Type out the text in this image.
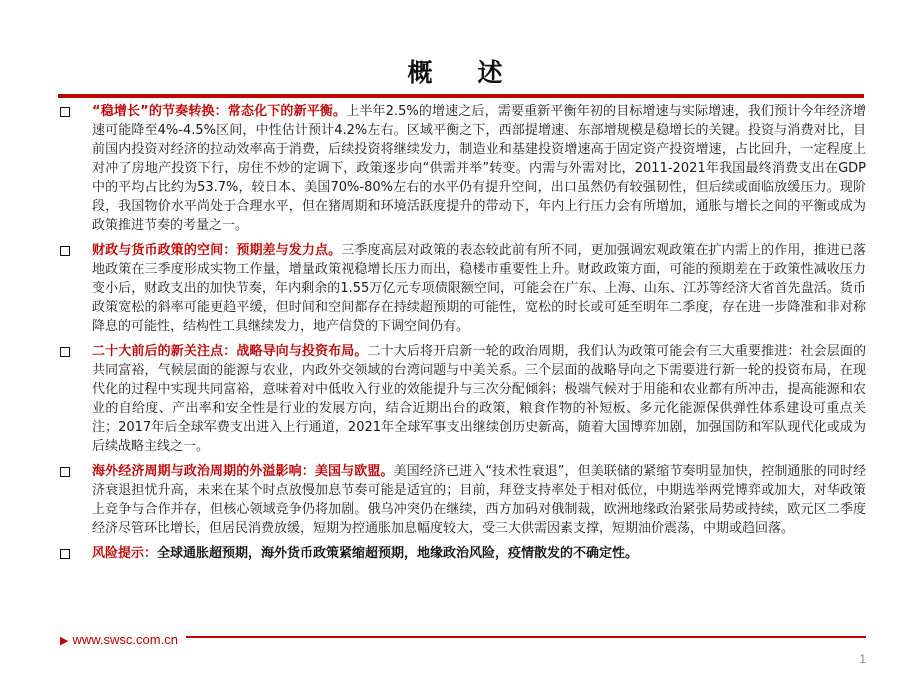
概　述
“稳增长”的节奏转换：常态化下的新平衡。上半年2.5%的增速之后，需要重新平衡年初的目标增速与实际增速，我们预计今年经济增速可能降至4%-4.5%区间，中性估计预计4.2%左右。区域平衡之下，西部提增速、东部增规模是稳增长的关键。投资与消费对比，目前国内投资对经济的拉动效率高于消费，后续投资将继续发力，制造业和基建投资增速高于固定资产投资增速，占比回升，一定程度上对冲了房地产投资下行，房住不炒的定调下，政策逐步向“供需并举”转变。内需与外需对比，2011-2021年我国最终消费支出在GDP中的平均占比约为53.7%，较日本、美国70%-80%左右的水平仍有提升空间，出口虽然仍有较强韧性，但后续或面临放缓压力。现阶段，我国物价水平尚处于合理水平，但在猪周期和环境活跃度提升的带动下，年内上行压力会有所增加，通胀与增长之间的平衡或成为政策推进节奏的考量之一。
财政与货币政策的空间：预期差与发力点。三季度高层对政策的表态较此前有所不同，更加强调宏观政策在扩内需上的作用，推进已落地政策在三季度形成实物工作量，增量政策视稳增长压力而出，稳楼市重要性上升。财政政策方面，可能的预期差在于政策性减收压力变小后，财政支出的加快节奏，年内剩余的1.55万亿元专项债限额空间，可能会在广东、上海、山东、江苏等经济大省首先盘活。货币政策宽松的斜率可能更趋平缓，但时间和空间都存在持续超预期的可能性，宽松的时长或可延至明年二季度，存在进一步降准和非对称降息的可能性，结构性工具继续发力，地产信贷的下调空间仍有。
二十大前后的新关注点：战略导向与投资布局。二十大后将开启新一轮的政治周期，我们认为政策可能会有三大重要推进：社会层面的共同富裕，气候层面的能源与农业，内政外交领域的台湾问题与中美关系。三个层面的战略导向之下需要进行新一轮的投资布局，在现代化的过程中实现共同富裕，意味着对中低收入行业的效能提升与三次分配倾斜；极端气候对于用能和农业都有所冲击，提高能源和农业的自给度、产出率和安全性是行业的发展方向，结合近期出台的政策，粮食作物的补短板、多元化能源保供弹性体系建设可重点关注；2017年后全球军费支出进入上行通道，2021年全球军事支出继续创历史新高，随着大国博弈加剧，加强国防和军队现代化或成为后续战略主线之一。
海外经济周期与政治周期的外溢影响：美国与欧盟。美国经济已进入“技术性衰退”，但美联储的紧缩节奏明显加快，控制通胀的同时经济衰退担忧升高，未来在某个时点放慢加息节奏可能是适宜的；目前，拜登支持率处于相对低位，中期选举两党博弈或加大，对华政策上竞争与合作并存，但核心领域竞争仍将加剧。俄乌冲突仍在继续，西方加码对俄制裁，欧洲地缘政治紧张局势或持续，欧元区二季度经济尽管环比增长，但居民消费放缓，短期为控通胀加息幅度较大，受三大供需因素支撑，短期油价震荡，中期或趋回落。
风险提示：全球通胀超预期，海外货币政策紧缩超预期，地缘政治风险，疫情散发的不确定性。
▶ www.swsc.com.cn
1
